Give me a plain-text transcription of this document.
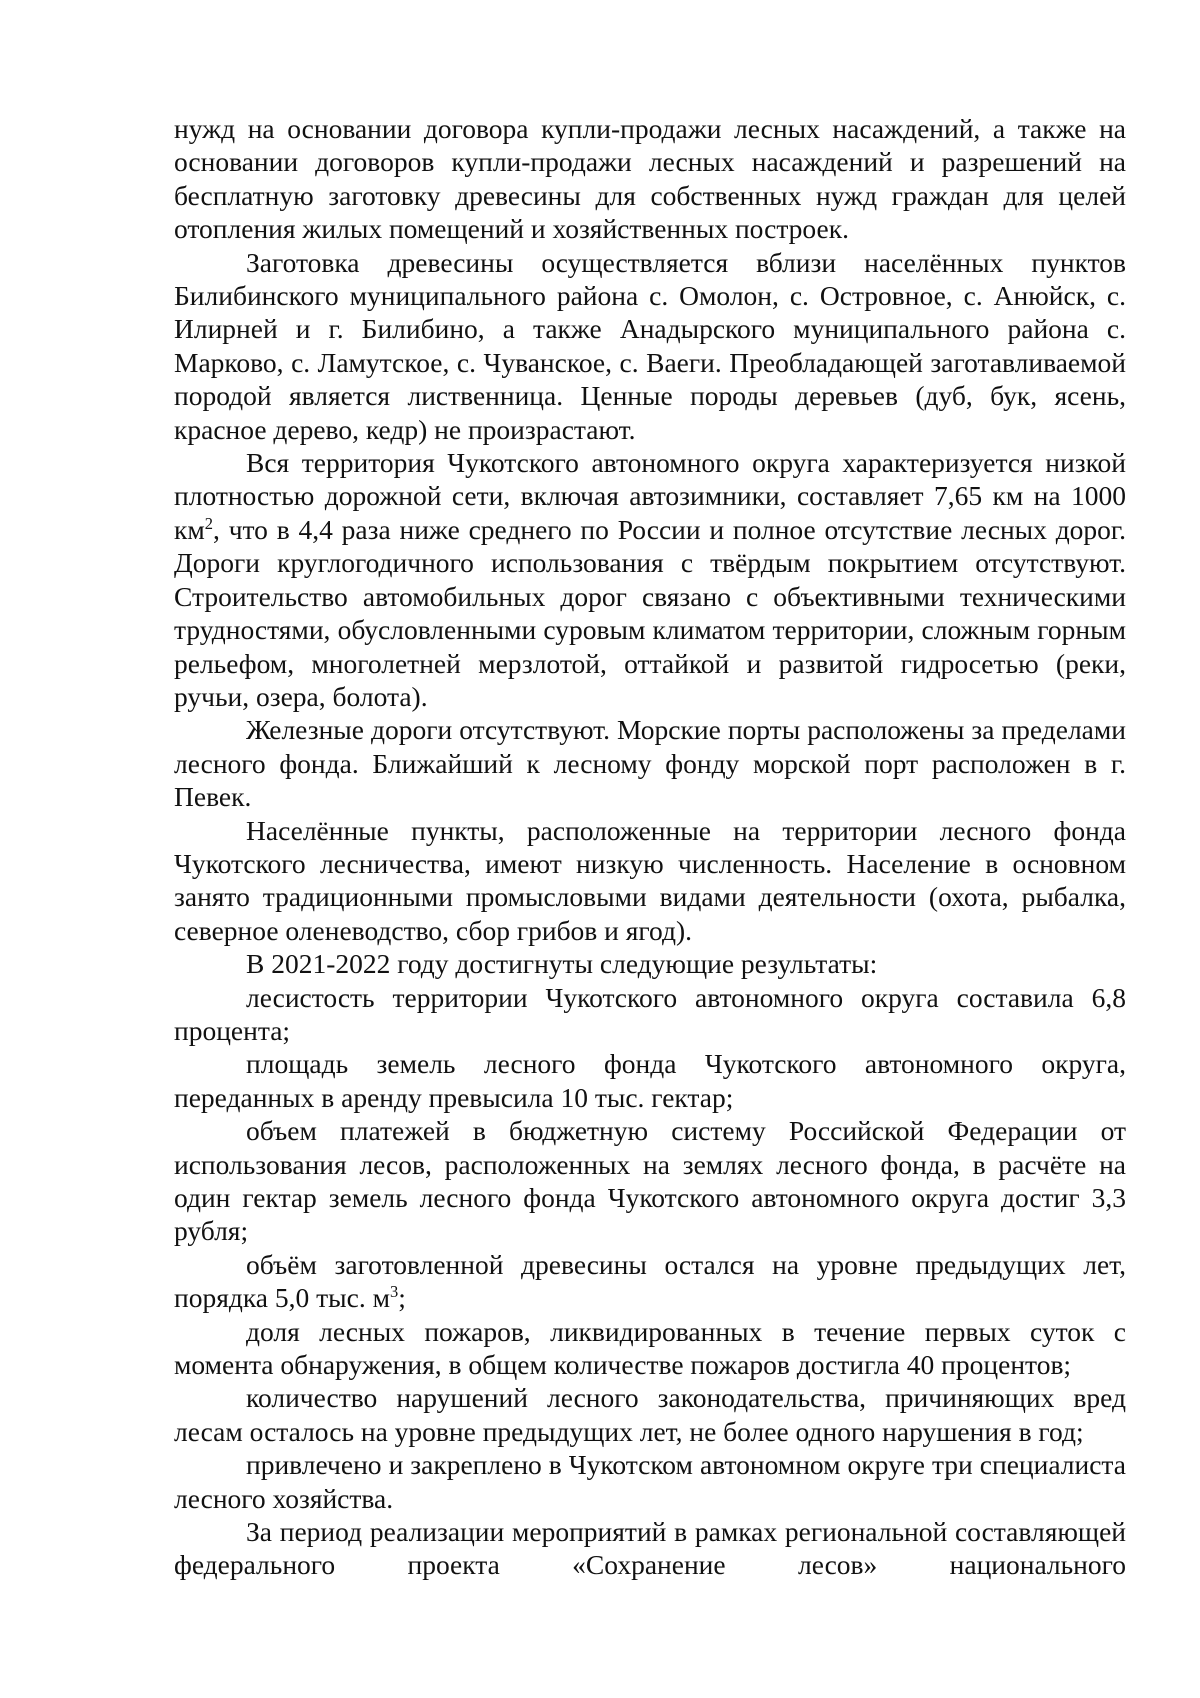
нужд на основании договора купли-продажи лесных насаждений, а также на основании договоров купли-продажи лесных насаждений и разрешений на бесплатную заготовку древесины для собственных нужд граждан для целей отопления жилых помещений и хозяйственных построек.

Заготовка древесины осуществляется вблизи населённых пунктов Билибинского муниципального района с. Омолон, с. Островное, с. Анюйск, с. Илирней и г. Билибино, а также Анадырского муниципального района с. Марково, с. Ламутское, с. Чуванское, с. Ваеги. Преобладающей заготавливаемой породой является лиственница. Ценные породы деревьев (дуб, бук, ясень, красное дерево, кедр) не произрастают.

Вся территория Чукотского автономного округа характеризуется низкой плотностью дорожной сети, включая автозимники, составляет 7,65 км на 1000 $км^2$, что в 4,4 раза ниже среднего по России и полное отсутствие лесных дорог. Дороги круглогодичного использования с твёрдым покрытием отсутствуют. Строительство автомобильных дорог связано с объективными техническими трудностями, обусловленными суровым климатом территории, сложным горным рельефом, многолетней мерзлотой, оттайкой и развитой гидросетью (реки, ручьи, озера, болота).

Железные дороги отсутствуют. Морские порты расположены за пределами лесного фонда. Ближайший к лесному фонду морской порт расположен в г. Певек.

Населённые пункты, расположенные на территории лесного фонда Чукотского лесничества, имеют низкую численность. Население в основном занято традиционными промысловыми видами деятельности (охота, рыбалка, северное оленеводство, сбор грибов и ягод).

В 2021-2022 году достигнуты следующие результаты:

лесистость территории Чукотского автономного округа составила 6,8 процента;

площадь земель лесного фонда Чукотского автономного округа, переданных в аренду превысила 10 тыс. гектар;

объем платежей в бюджетную систему Российской Федерации от использования лесов, расположенных на землях лесного фонда, в расчёте на один гектар земель лесного фонда Чукотского автономного округа достиг 3,3 рубля;

объём заготовленной древесины остался на уровне предыдущих лет, порядка 5,0 тыс. $м^3$;

доля лесных пожаров, ликвидированных в течение первых суток с момента обнаружения, в общем количестве пожаров достигла 40 процентов;

количество нарушений лесного законодательства, причиняющих вред лесам осталось на уровне предыдущих лет, не более одного нарушения в год;

привлечено и закреплено в Чукотском автономном округе три специалиста лесного хозяйства.

За период реализации мероприятий в рамках региональной составляющей федерального проекта «Сохранение лесов» национального
